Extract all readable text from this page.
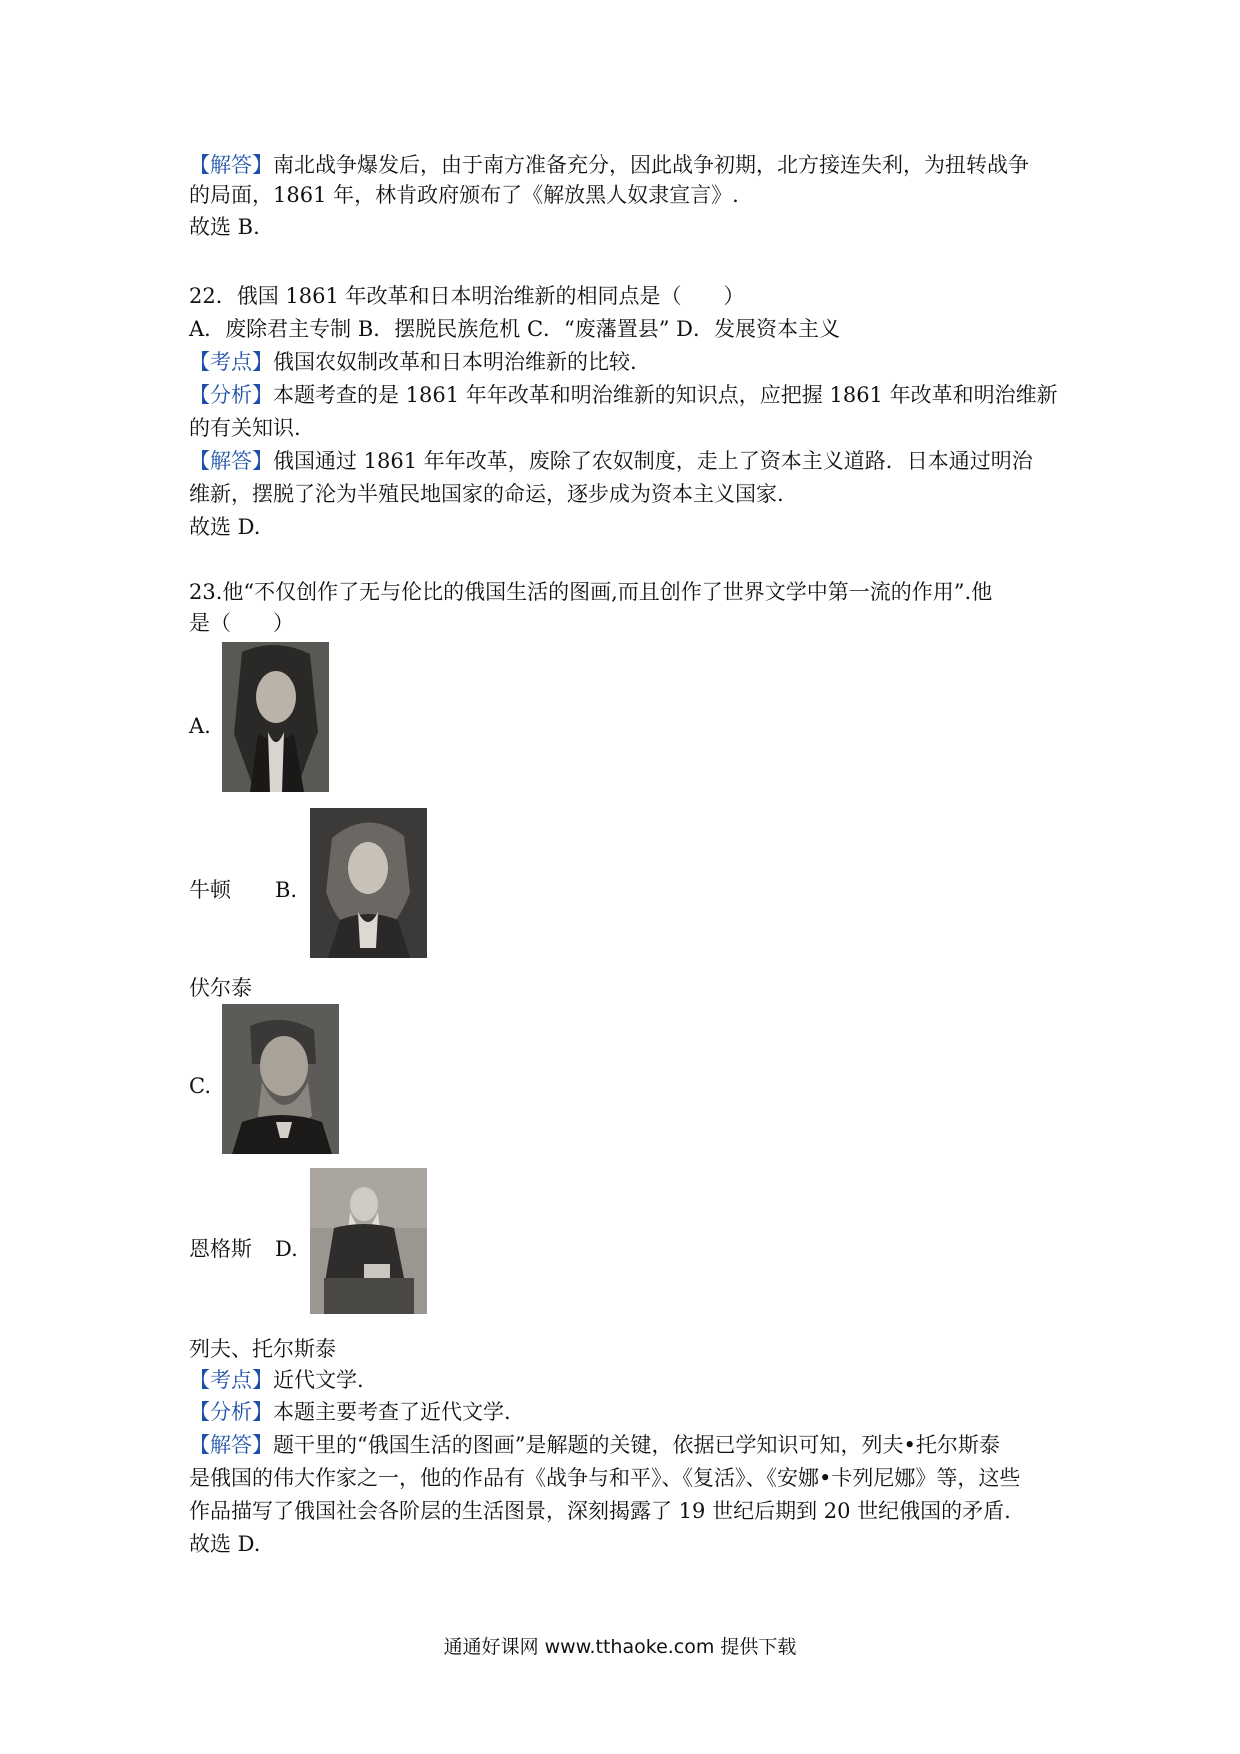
【解答】南北战争爆发后，由于南方准备充分，因此战争初期，北方接连失利，为扭转战争
的局面，1861 年，林肯政府颁布了《解放黑人奴隶宣言》.
故选 B.
22．俄国 1861 年改革和日本明治维新的相同点是（　　）
A．废除君主专制 B．摆脱民族危机 C．“废藩置县” D．发展资本主义
【考点】俄国农奴制改革和日本明治维新的比较.
【分析】本题考查的是 1861 年年改革和明治维新的知识点，应把握 1861 年改革和明治维新
的有关知识.
【解答】俄国通过 1861 年年改革，废除了农奴制度，走上了资本主义道路．日本通过明治
维新，摆脱了沦为半殖民地国家的命运，逐步成为资本主义国家.
故选 D.
23.他“不仅创作了无与伦比的俄国生活的图画,而且创作了世界文学中第一流的作用”.他
是（　　）
A.
牛顿 B.
伏尔泰
C.
恩格斯 D.
列夫、托尔斯泰
【考点】近代文学.
【分析】本题主要考查了近代文学.
【解答】题干里的“俄国生活的图画”是解题的关键，依据已学知识可知，列夫•托尔斯泰
是俄国的伟大作家之一，他的作品有《战争与和平》、《复活》、《安娜•卡列尼娜》等，这些
作品描写了俄国社会各阶层的生活图景，深刻揭露了 19 世纪后期到 20 世纪俄国的矛盾.
故选 D.
通通好课网 www.tthaoke.com 提供下载
